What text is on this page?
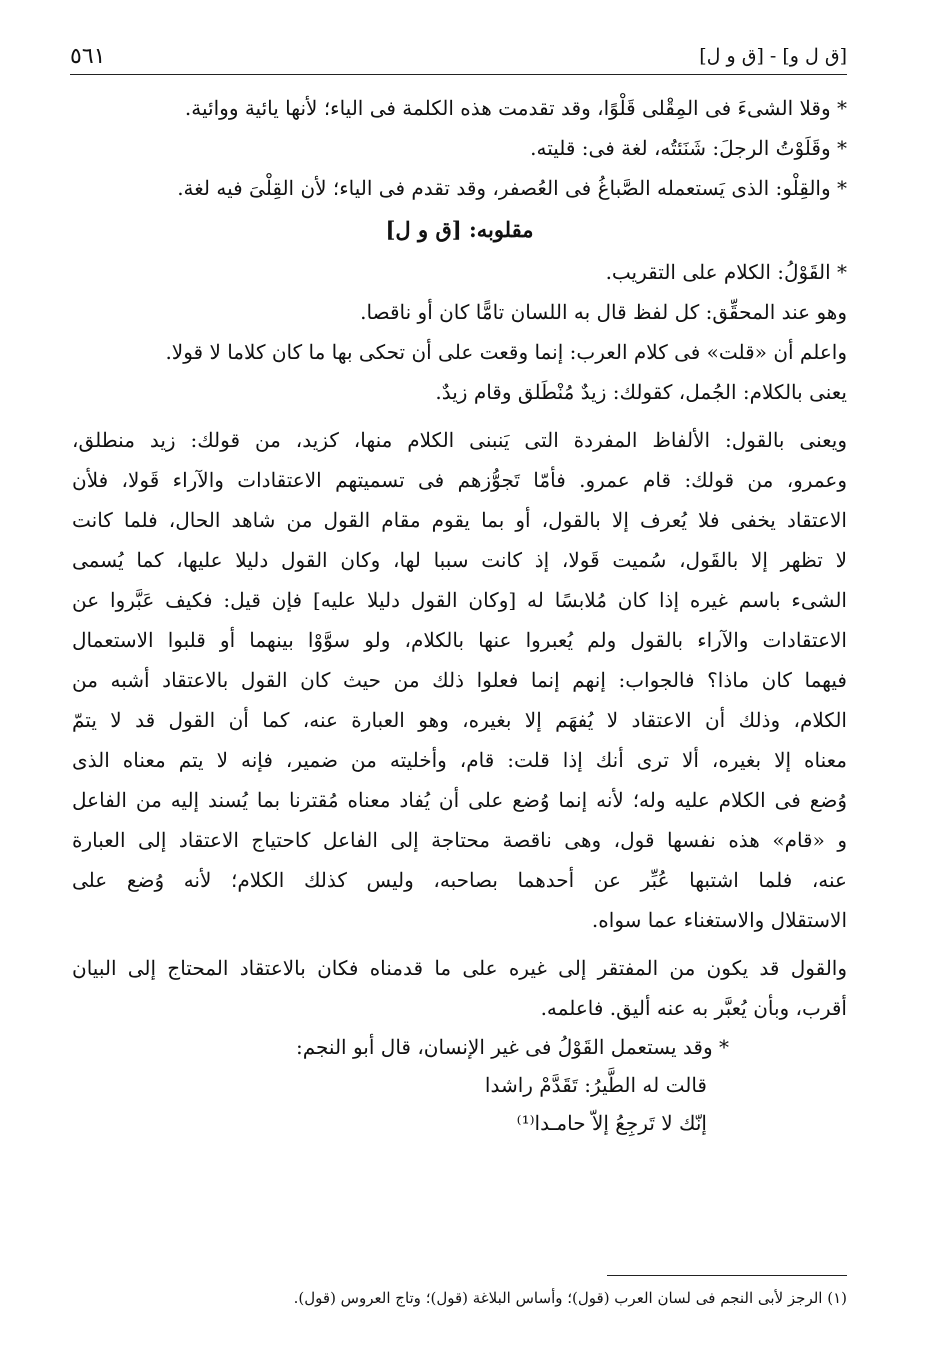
٥٦١	[ق ل و] - [ق و ل]
* وقلا الشىءَ فى المِقْلى قَلْوًا، وقد تقدمت هذه الكلمة فى الياء؛ لأنها يائية ووائية.
* وقَلَوْتُ الرجلَ: شَنَئتُه، لغة فى: قليته.
* والقِلْو: الذى يَستعمله الصَّباغُ فى العُصفر، وقد تقدم فى الياء؛ لأن القِلْىَ فيه لغة.
مقلوبه: [ق و ل]
* القَوْلُ: الكلام على التقريب.
وهو عند المحقِّق: كل لفظ قال به اللسان تامًّا كان أو ناقصا.
واعلم أن «قلت» فى كلام العرب: إنما وقعت على أن تحكى بها ما كان كلاما لا قولا.
يعنى بالكلام: الجُمل، كقولك: زيدٌ مُنْطَلق وقام زيدٌ.
ويعنى بالقول: الألفاظ المفردة التى يَنبنى الكلام منها، كزيد، من قولك: زيد منطلق،
وعمرو، من قولك: قام عمرو. فأمّا تَجوُّزهم فى تسميتهم الاعتقادات والآراء قَولا، فلأن
الاعتقاد يخفى فلا يُعرف إلا بالقول، أو بما يقوم مقام القول من شاهد الحال، فلما كانت
لا تظهر إلا بالقَول، سُميت قَولا، إذ كانت سببا لها، وكان القول دليلا عليها، كما يُسمى
الشىء باسم غيره إذا كان مُلابسًا له [وكان القول دليلا عليه] فإن قيل: فكيف عَبَّروا عن
الاعتقادات والآراء بالقول ولم يُعبروا عنها بالكلام، ولو سوَّوْا بينهما أو قلبوا الاستعمال
فيهما كان ماذا؟ فالجواب: إنهم إنما فعلوا ذلك من حيث كان القول بالاعتقاد أشبه من
الكلام، وذلك أن الاعتقاد لا يُفهَم إلا بغيره، وهو العبارة عنه، كما أن القول قد لا يتمّ
معناه إلا بغيره، ألا ترى أنك إذا قلت: قام، وأخليته من ضمير، فإنه لا يتم معناه الذى
وُضع فى الكلام عليه وله؛ لأنه إنما وُضع على أن يُفاد معناه مُقترنا بما يُسند إليه من الفاعل
و «قام» هذه نفسها قول، وهى ناقصة محتاجة إلى الفاعل كاحتياج الاعتقاد إلى العبارة
عنه، فلما اشتبها عُبِّر عن أحدهما بصاحبه، وليس كذلك الكلام؛ لأنه وُضع على
الاستقلال والاستغناء عما سواه.
والقول قد يكون من المفتقر إلى غيره على ما قدمناه فكان بالاعتقاد المحتاج إلى البيان
أقرب، وبأن يُعبَّر به عنه أليق. فاعلمه.
* وقد يستعمل القَوْلُ فى غير الإنسان، قال أبو النجم:
قالت له الطَّيرُ: تَقَدَّمْ راشدا
إنّك لا تَرجِعُ إلاّ حامـدا⁽¹⁾
(١) الرجز لأبى النجم فى لسان العرب (قول)؛ وأساس البلاغة (قول)؛ وتاج العروس (قول).
